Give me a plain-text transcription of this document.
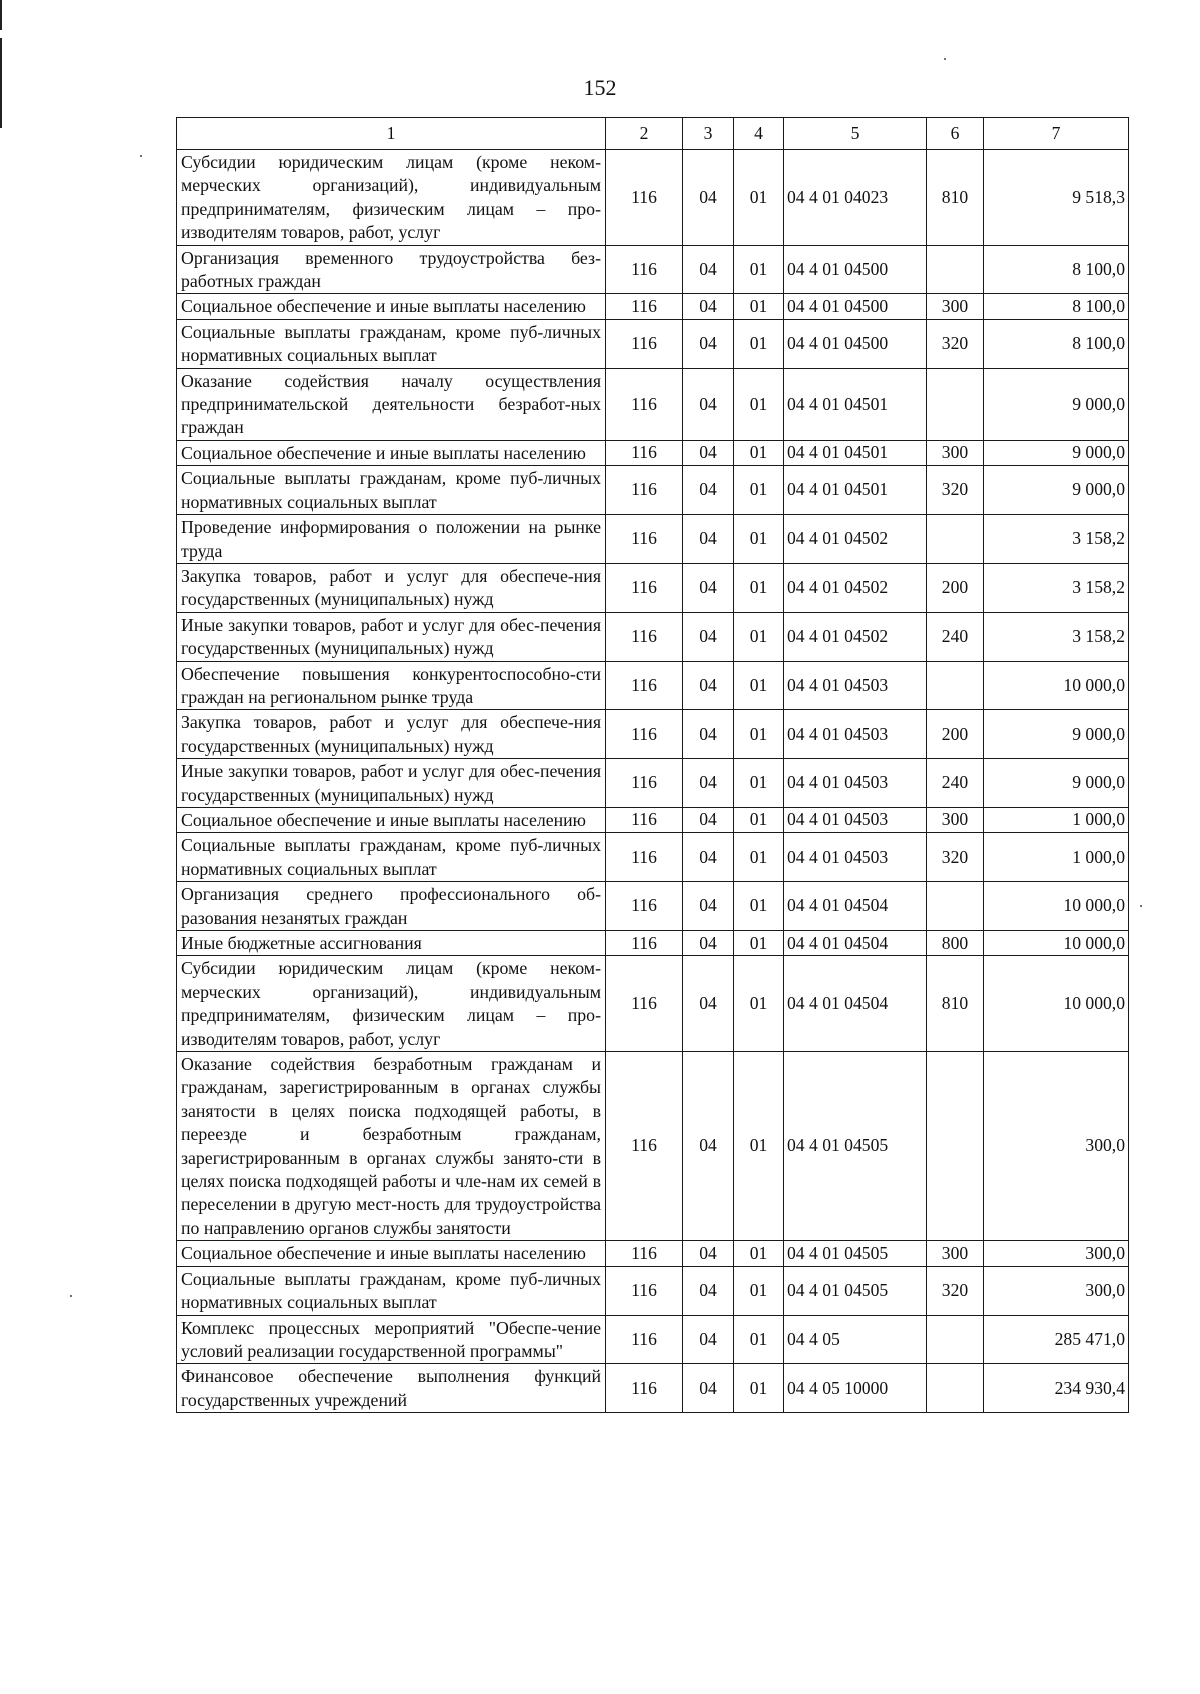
152
1	2	3	4	5	6	7
Субсидии юридическим лицам (кроме неком-мерческих организаций), индивидуальным предпринимателям, физическим лицам – про-изводителям товаров, работ, услуг	116	04	01	04 4 01 04023	810	9 518,3
Организация временного трудоустройства без-работных граждан	116	04	01	04 4 01 04500		8 100,0
Социальное обеспечение и иные выплаты населению	116	04	01	04 4 01 04500	300	8 100,0
Социальные выплаты гражданам, кроме пуб-личных нормативных социальных выплат	116	04	01	04 4 01 04500	320	8 100,0
Оказание содействия началу осуществления предпринимательской деятельности безработ-ных граждан	116	04	01	04 4 01 04501		9 000,0
Социальное обеспечение и иные выплаты населению	116	04	01	04 4 01 04501	300	9 000,0
Социальные выплаты гражданам, кроме пуб-личных нормативных социальных выплат	116	04	01	04 4 01 04501	320	9 000,0
Проведение информирования о положении на рынке труда	116	04	01	04 4 01 04502		3 158,2
Закупка товаров, работ и услуг для обеспече-ния государственных (муниципальных) нужд	116	04	01	04 4 01 04502	200	3 158,2
Иные закупки товаров, работ и услуг для обес-печения государственных (муниципальных) нужд	116	04	01	04 4 01 04502	240	3 158,2
Обеспечение повышения конкурентоспособно-сти граждан на региональном рынке труда	116	04	01	04 4 01 04503		10 000,0
Закупка товаров, работ и услуг для обеспече-ния государственных (муниципальных) нужд	116	04	01	04 4 01 04503	200	9 000,0
Иные закупки товаров, работ и услуг для обес-печения государственных (муниципальных) нужд	116	04	01	04 4 01 04503	240	9 000,0
Социальное обеспечение и иные выплаты населению	116	04	01	04 4 01 04503	300	1 000,0
Социальные выплаты гражданам, кроме пуб-личных нормативных социальных выплат	116	04	01	04 4 01 04503	320	1 000,0
Организация среднего профессионального об-разования незанятых граждан	116	04	01	04 4 01 04504		10 000,0
Иные бюджетные ассигнования	116	04	01	04 4 01 04504	800	10 000,0
Субсидии юридическим лицам (кроме неком-мерческих организаций), индивидуальным предпринимателям, физическим лицам – про-изводителям товаров, работ, услуг	116	04	01	04 4 01 04504	810	10 000,0
Оказание содействия безработным гражданам и гражданам, зарегистрированным в органах службы занятости в целях поиска подходящей работы, в переезде и безработным гражданам, зарегистрированным в органах службы занято-сти в целях поиска подходящей работы и чле-нам их семей в переселении в другую мест-ность для трудоустройства по направлению органов службы занятости	116	04	01	04 4 01 04505		300,0
Социальное обеспечение и иные выплаты населению	116	04	01	04 4 01 04505	300	300,0
Социальные выплаты гражданам, кроме пуб-личных нормативных социальных выплат	116	04	01	04 4 01 04505	320	300,0
Комплекс процессных мероприятий "Обеспе-чение условий реализации государственной программы"	116	04	01	04 4 05		285 471,0
Финансовое обеспечение выполнения функций государственных учреждений	116	04	01	04 4 05 10000		234 930,4
